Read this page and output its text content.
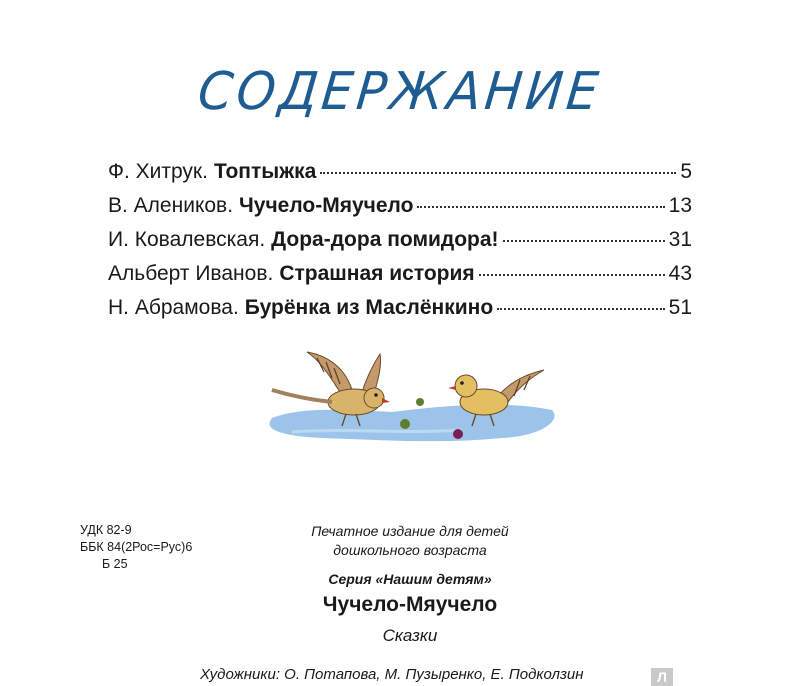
СОДЕРЖАНИЕ
Ф. Хитрук. Топтыжка	5
В. Алеников. Чучело-Мяучело	13
И. Ковалевская. Дора-дора помидора!	31
Альберт Иванов. Страшная история	43
Н. Абрамова. Бурёнка из Маслёнкино	51
УДК 82-9
ББК 84(2Рос=Рус)6
Б 25
Печатное издание для детей
дошкольного возраста
Серия «Нашим детям»
Чучело-Мяучело
Сказки
Художники: О. Потапова, М. Пузыренко, Е. Подколзин	Л
